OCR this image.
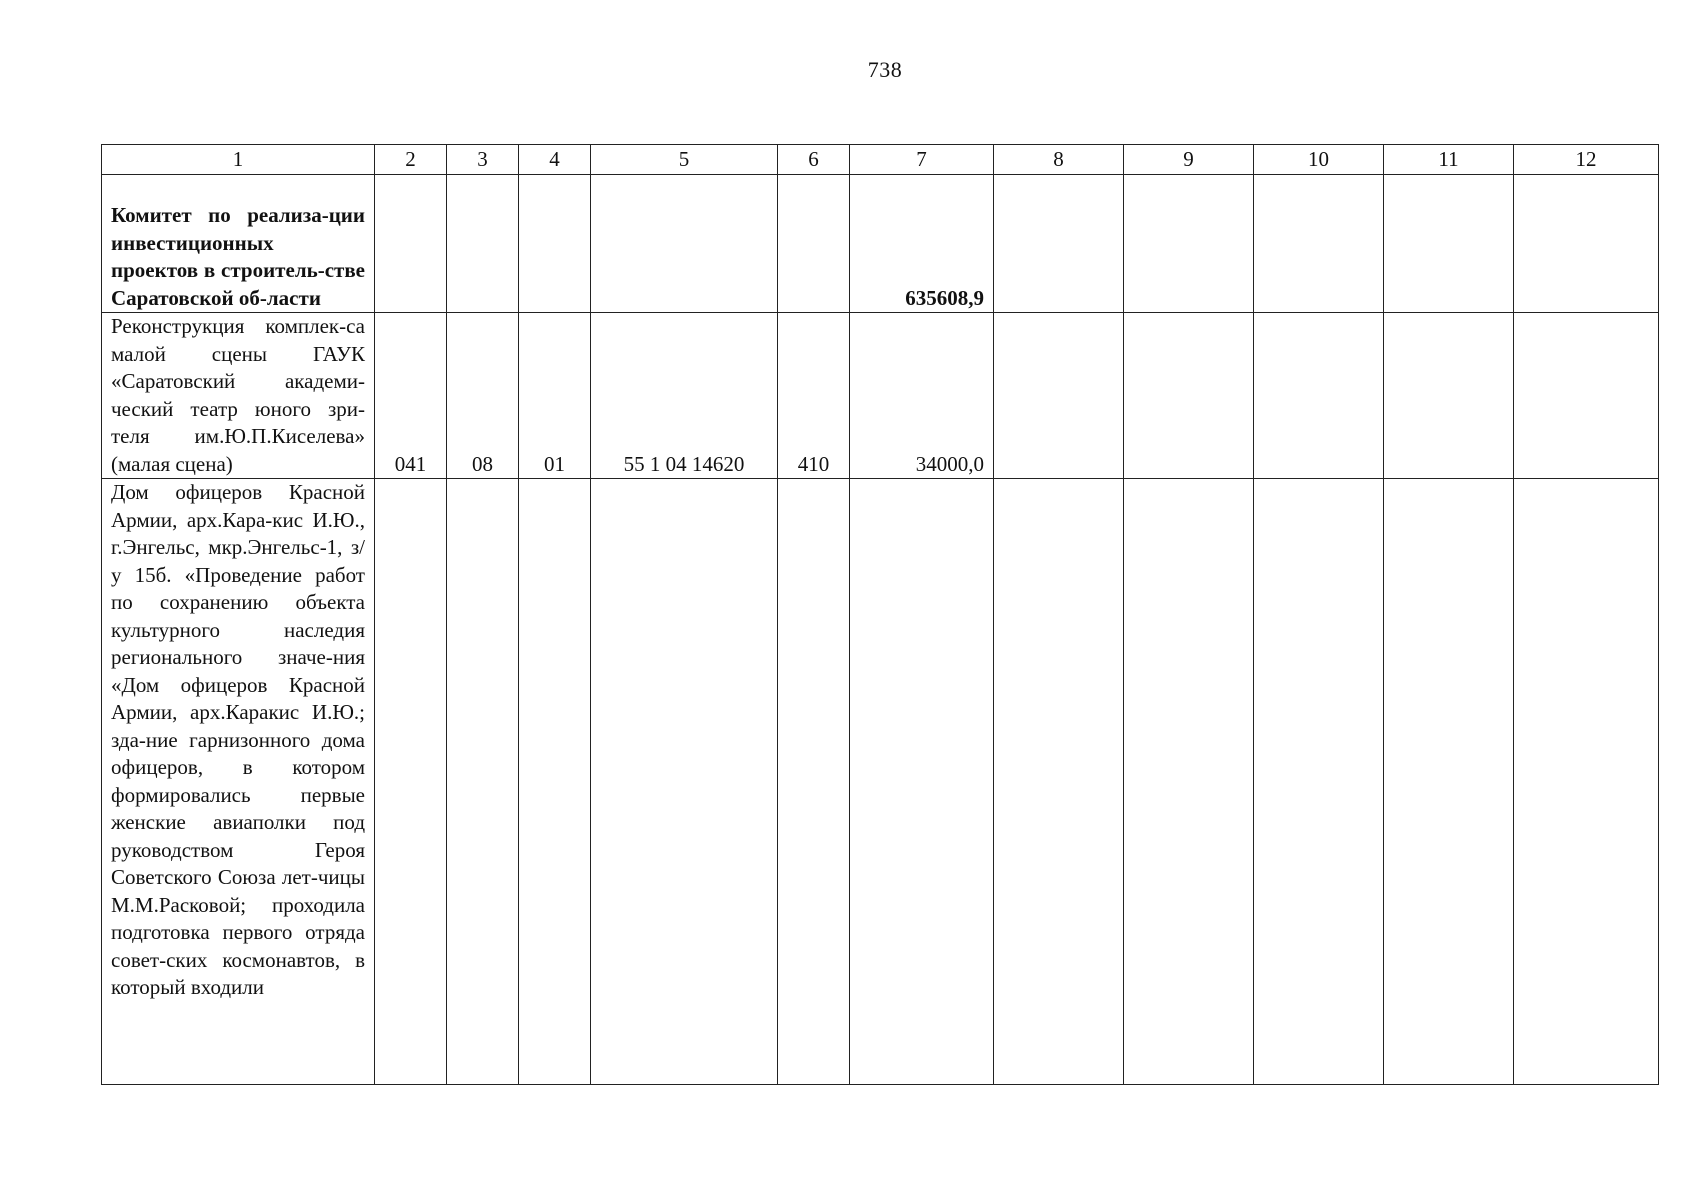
738
1	2	3	4	5	6	7	8	9	10	11	12
Комитет по реализа-ции инвестиционных проектов в строитель-стве Саратовской об-ласти						635608,9					
Реконструкция комплек-са малой сцены ГАУК «Саратовский академи-ческий театр юного зри-теля им.Ю.П.Киселева» (малая сцена)	041	08	01	55 1 04 14620	410	34000,0					
Дом офицеров Красной Армии, арх.Кара-кис И.Ю., г.Энгельс, мкр.Энгельс-1, з/у 15б. «Проведение работ по сохранению объекта культурного наследия регионального значе-ния «Дом офицеров Красной Армии, арх.Каракис И.Ю.; зда-ние гарнизонного дома офицеров, в котором формировались первые женские авиаполки под руководством Героя Советского Союза лет-чицы М.М.Расковой; проходила подготовка первого отряда совет-ских космонавтов, в который входили											
